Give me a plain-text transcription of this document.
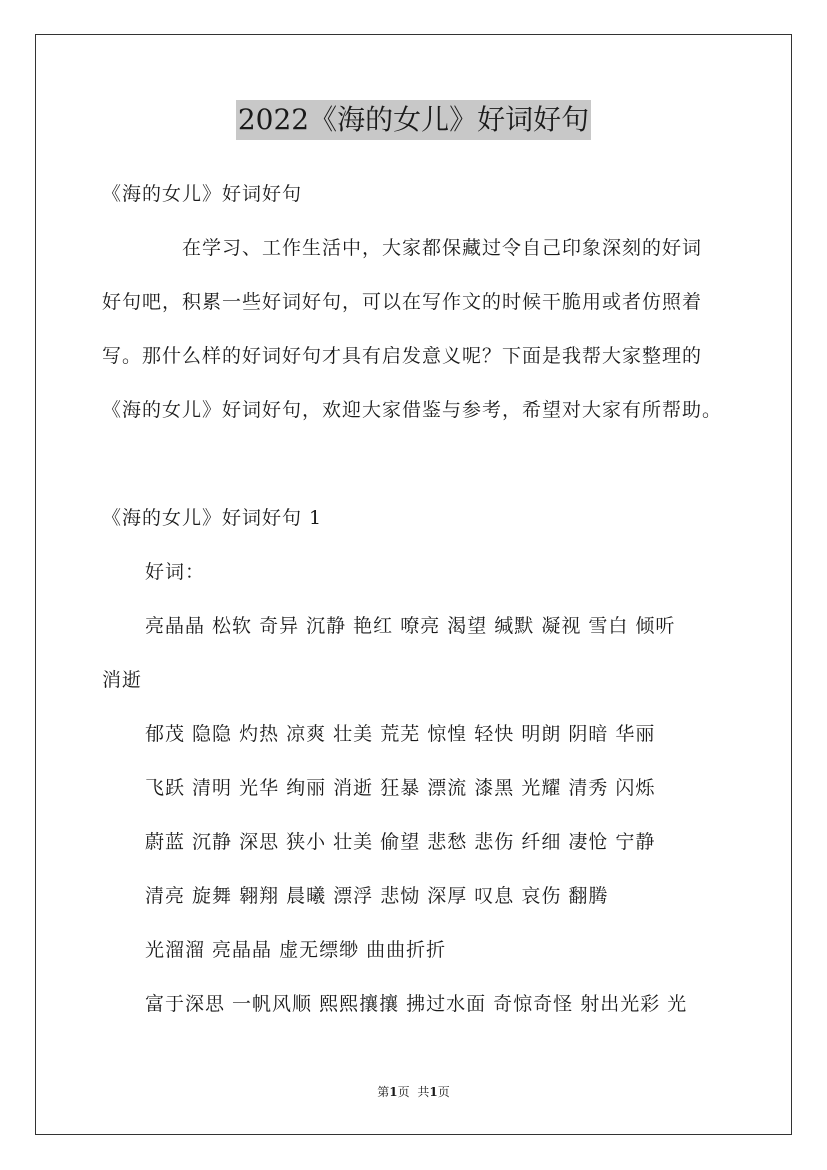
2022《海的女儿》好词好句
《海的女儿》好词好句
在学习、工作生活中，大家都保藏过令自己印象深刻的好词
好句吧，积累一些好词好句，可以在写作文的时候干脆用或者仿照着
写。那什么样的好词好句才具有启发意义呢？下面是我帮大家整理的
《海的女儿》好词好句，欢迎大家借鉴与参考，希望对大家有所帮助。
《海的女儿》好词好句 1
好词：
亮晶晶 松软 奇异 沉静 艳红 嘹亮 渴望 缄默 凝视 雪白 倾听
消逝
郁茂 隐隐 灼热 凉爽 壮美 荒芜 惊惶 轻快 明朗 阴暗 华丽
飞跃 清明 光华 绚丽 消逝 狂暴 漂流 漆黑 光耀 清秀 闪烁
蔚蓝 沉静 深思 狭小 壮美 偷望 悲愁 悲伤 纤细 凄怆 宁静
清亮 旋舞 翱翔 晨曦 漂浮 悲恸 深厚 叹息 哀伤 翻腾
光溜溜 亮晶晶 虚无缥缈 曲曲折折
富于深思 一帆风顺 熙熙攘攘 拂过水面 奇惊奇怪 射出光彩 光
第1页 共1页
